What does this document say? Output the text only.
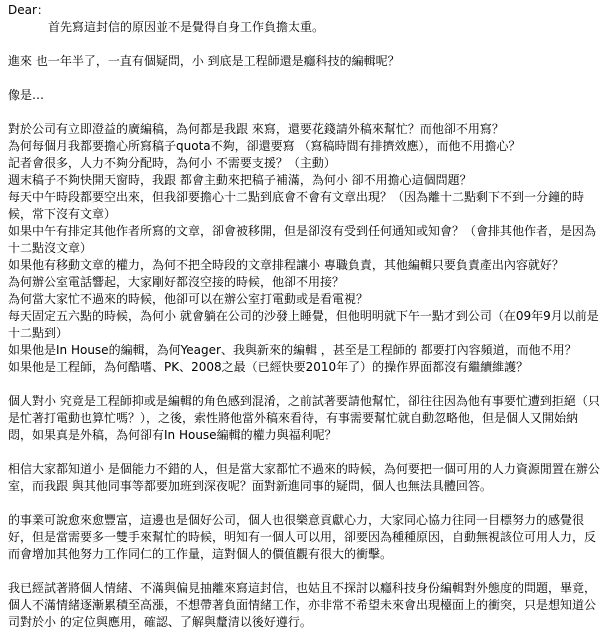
Dear：
首先寫這封信的原因並不是覺得自身工作負擔太重。
進來 也一年半了，一直有個疑問，小 到底是工程師還是癮科技的編輯呢？
像是…
對於公司有立即澄益的廣編稿，為何都是我跟 來寫，還要花錢請外稿來幫忙？而他卻不用寫？
為何每個月我都要擔心所寫稿子quota不夠，卻還要寫 （寫稿時間有排擠效應），而他不用擔心？
記者會很多，人力不夠分配時，為何小 不需要支援？（主動）
週末稿子不夠快開天窗時，我跟 都會主動來把稿子補滿，為何小 卻不用擔心這個問題？
每天中午時段都要空出來，但我卻要擔心十二點到底會不會有文章出現？（因為離十二點剩下不到一分鐘的時候，常下沒有文章）
如果中午有排定其他作者所寫的文章，卻會被移開，但是卻沒有受到任何通知或知會？（會排其他作者，是因為十二點沒文章）
如果他有移動文章的權力，為何不把全時段的文章排程讓小 專職負責，其他編輯只要負責產出內容就好？
為何辦公室電話響起，大家剛好都沒空接的時候，他卻不用接？
為何當大家忙不過來的時候，他卻可以在辦公室打電動或是看電視？
每天固定五六點的時候，為何小 就會躺在公司的沙發上睡覺，但他明明就下午一點才到公司（在09年9月以前是十二點到）
如果他是In House的編輯，為何Yeager、我與新來的編輯 ，甚至是工程師的 都要打內容頻道，而他不用？
如果他是工程師，為何酷嗜、PK、2008之最（已經快要2010年了）的操作界面都沒有繼續維護？
個人對小 究竟是工程師抑或是編輯的角色感到混淆，之前試著要請他幫忙，卻往往因為他有事要忙遭到拒絕（只是忙著打電動也算忙嗎？），之後，索性將他當外稿來看待，有事需要幫忙就自動忽略他，但是個人又開始納悶，如果真是外稿，為何卻有In House編輯的權力與福利呢？
相信大家都知道小 是個能力不錯的人，但是當大家都忙不過來的時候，為何要把一個可用的人力資源閒置在辦公室，而我跟 與其他同事等都要加班到深夜呢？面對新進同事的疑問，個人也無法具體回答。
的事業可說愈來愈豐富，這邊也是個好公司，個人也很樂意貢獻心力，大家同心協力往同一目標努力的感覺很好，但是當需要多一雙手來幫忙的時候，明知有一個人可以用，卻要因為種種原因，自動無視該位可用人力，反而會增加其他努力工作同仁的工作量，這對個人的價值觀有很大的衝擊。
我已經試著將個人情緒、不滿與偏見抽離來寫這封信，也姑且不探討以癮科技身份編輯對外態度的問題，畢竟，個人不滿情緒逐漸累積至高漲，不想帶著負面情緒工作，亦非常不希望未來會出現檯面上的衝突，只是想知道公司對於小 的定位與應用，確認、了解與釐清以後好遵行。
